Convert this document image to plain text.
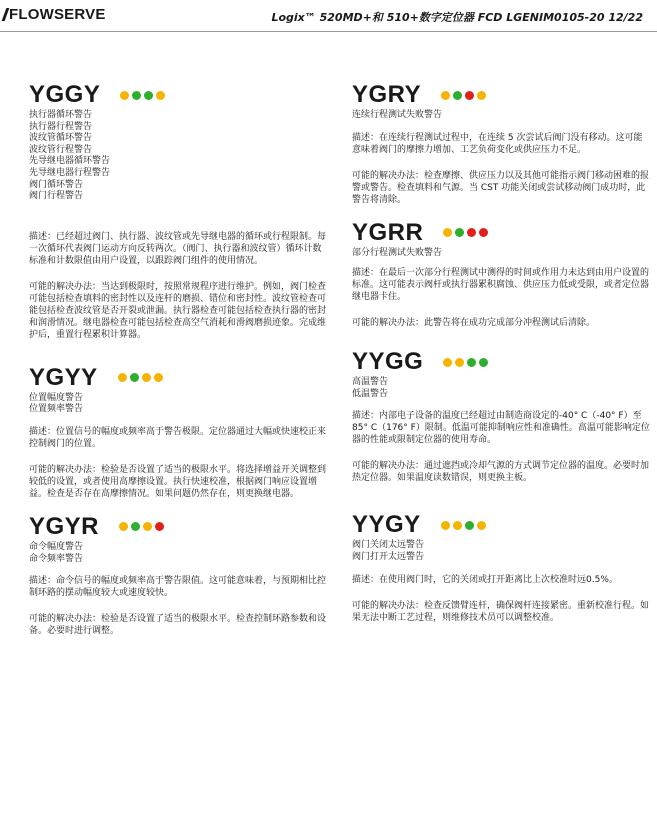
FLOWSERVE	Logix™ 520MD+和 510+数字定位器 FCD LGENIM0105-20 12/22
YGGY
执行器循环警告
执行器行程警告
波纹管循环警告
波纹管行程警告
先导继电器循环警告
先导继电器行程警告
阀门循环警告
阀门行程警告

描述：已经超过阀门、执行器、波纹管或先导继电器的循环或行程限制。每一次循环代表阀门运动方向反转两次。（阀门、执行器和波纹管）循环计数标准和计数限值由用户设置，以跟踪阀门组件的使用情况。

可能的解决办法：当达到极限时，按照常规程序进行维护。例如，阀门检查可能包括检查填料的密封性以及连杆的磨损、错位和密封性。波纹管检查可能包括检查波纹管是否开裂或泄漏。执行器检查可能包括检查执行器的密封和润滑情况。继电器检查可能包括检查高空气消耗和滑阀磨损迹象。完成维护后，重置行程累积计算器。

YGYY
位置幅度警告
位置频率警告

描述：位置信号的幅度或频率高于警告极限。定位器通过大幅或快速校正来控制阀门的位置。

可能的解决办法：检验是否设置了适当的极限水平。将选择增益开关调整到较低的设置，或者使用高摩擦设置。执行快速校准，根据阀门响应设置增益。检查是否存在高摩擦情况。如果问题仍然存在，则更换继电器。

YGYR
命令幅度警告
命令频率警告

描述：命令信号的幅度或频率高于警告限值。这可能意味着，与预期相比控制环路的摆动幅度较大或速度较快。

可能的解决办法：检验是否设置了适当的极限水平。检查控制环路参数和设备。必要时进行调整。

YGRY
连续行程测试失败警告

描述：在连续行程测试过程中，在连续 5 次尝试后阀门没有移动。这可能意味着阀门的摩擦力增加、工艺负荷变化或供应压力不足。

可能的解决办法：检查摩擦、供应压力以及其他可能指示阀门移动困难的报警或警告。检查填料和气源。当 CST 功能关闭或尝试移动阀门成功时，此警告将清除。

YGRR
部分行程测试失败警告

描述：在最后一次部分行程测试中测得的时间或作用力未达到由用户设置的标准。这可能表示阀杆或执行器累积腐蚀、供应压力低或受限，或者定位器继电器卡住。

可能的解决办法：此警告将在成功完成部分冲程测试后清除。

YYGG
高温警告
低温警告

描述：内部电子设备的温度已经超过由制造商设定的-40° C（-40° F）至 85° C（176° F）限制。低温可能抑制响应性和准确性。高温可能影响定位器的性能或限制定位器的使用寿命。

可能的解决办法：通过遮挡或冷却气源的方式调节定位器的温度。必要时加热定位器。如果温度读数错误，则更换主板。

YYGY
阀门关闭太远警告
阀门打开太远警告

描述：在使用阀门时，它的关闭或打开距离比上次校准时远0.5%。

可能的解决办法：检查反馈臂连杆，确保阀杆连接紧密。重新校准行程。如果无法中断工艺过程，则维修技术员可以调整校准。
